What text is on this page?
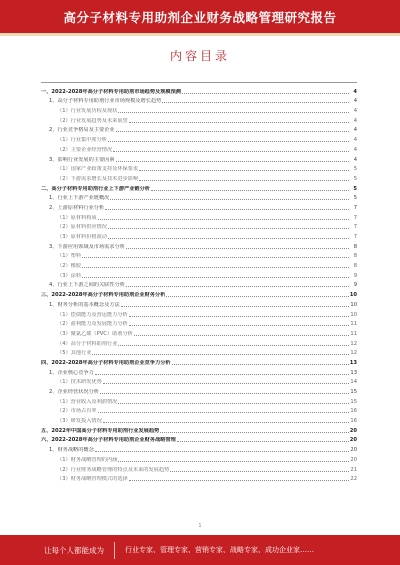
高分子材料专用助剂企业财务战略管理研究报告
内容目录
一、2022-2028年高分子材料专用助剂市场趋势及规模预测	4
1、高分子材料专用助剂行业市场规模及增长趋势	4
（1）行业发展历程及现状	4
（2）行业发展趋势及未来展望	4
2、行业竞争格局及主要企业	4
（1）行业集中度分析	4
（2）主要企业经营情况	4
3、影响行业发展的主要因素	4
（1）国家产业政策支持及环保要求	5
（2）下游需求增长及技术进步影响	5
二、高分子材料专用助剂行业上下游产业链分析	5
1、行业上下游产业链概况	5
2、上游原材料行业分析	7
（1）原材料构成	7
（2）原材料供应情况	7
（3）原材料价格波动	7
3、下游应用领域及市场需求分析	8
（1）塑料	8
（2）橡胶	8
（3）涂料	9
4、行业上下游之间的关联性分析	9
三、2022-2028年高分子材料专用助剂企业财务分析	10
1、财务分析的基本概念及方法	10
（1）偿债能力及营运能力分析	10
（2）盈利能力及发展能力分析	11
（3）聚氯乙烯（PVC）助剂分析	11
（4）高分子材料助剂行业	12
（5）其他行业	12
四、2022-2028年高分子材料专用助剂企业竞争力分析	13
1、企业核心竞争力	13
（1）技术研发优势	14
2、企业经营状况分析	15
（1）营业收入及利润情况	15
（2）市场占有率	16
（3）研发投入情况	16
五、2022年中国高分子材料专用助剂行业发展趋势	20
六、2022-2028年高分子材料专用助剂企业财务战略管理	20
1、财务战略的概念	20
（1）财务战略管理的内涵	20
（2）行业财务战略管理的特点及未来的发展趋势	21
（3）财务战略管理模式的选择	22
1
让每个人都能成为	行业专家、管理专家、营销专家、战略专家、成功企业家……
